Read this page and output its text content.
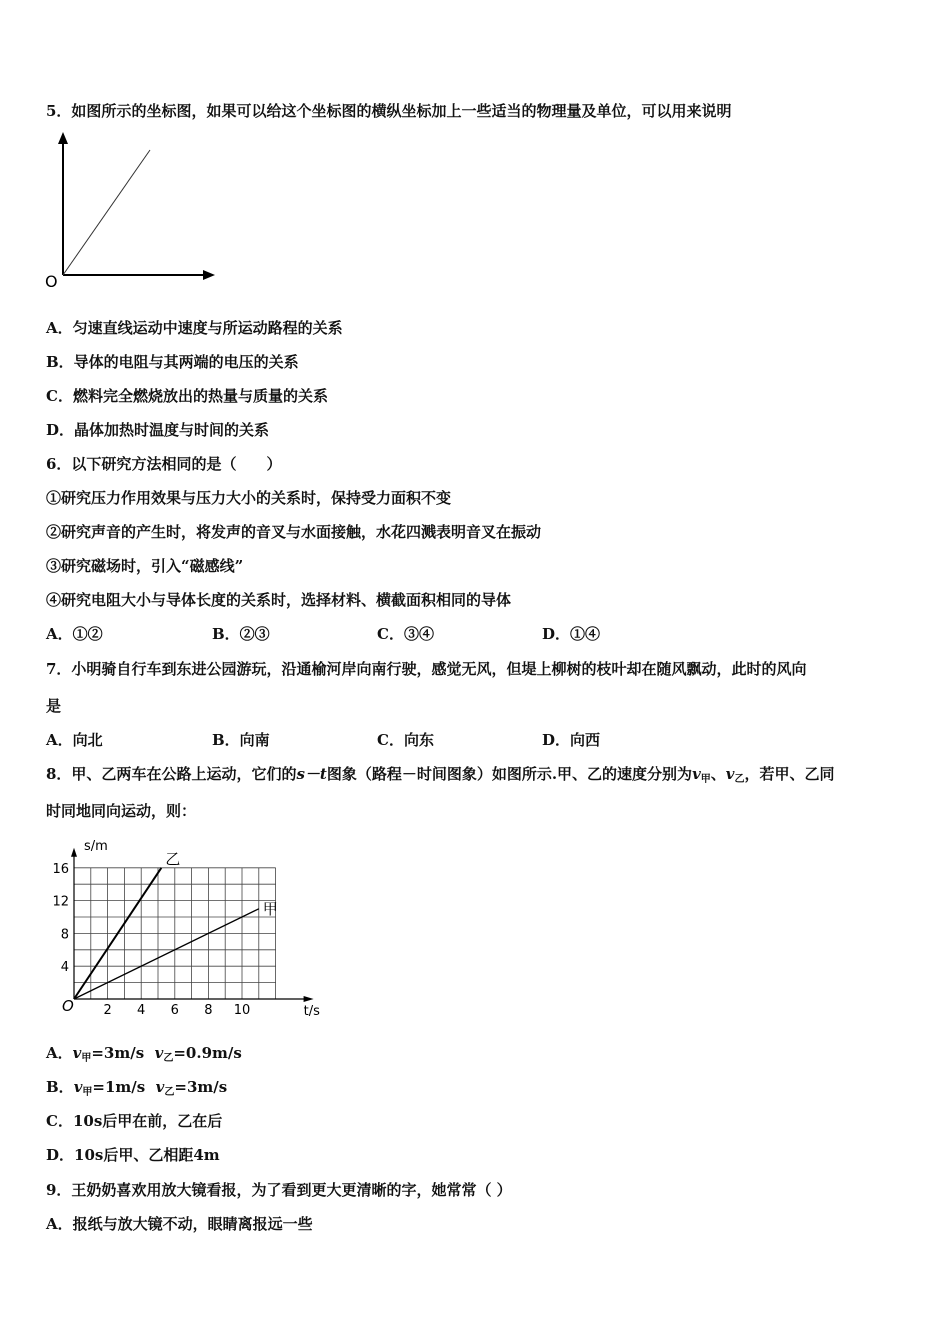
5．如图所示的坐标图，如果可以给这个坐标图的横纵坐标加上一些适当的物理量及单位，可以用来说明
O
A．匀速直线运动中速度与所运动路程的关系
B．导体的电阻与其两端的电压的关系
C．燃料完全燃烧放出的热量与质量的关系
D．晶体加热时温度与时间的关系
6．以下研究方法相同的是（　　）
①研究压力作用效果与压力大小的关系时，保持受力面积不变
②研究声音的产生时，将发声的音叉与水面接触，水花四溅表明音叉在振动
③研究磁场时，引入“磁感线”
④研究电阻大小与导体长度的关系时，选择材料、横截面积相同的导体
A．①②	B．②③	C．③④	D．①④
7．小明骑自行车到东进公园游玩，沿通榆河岸向南行驶，感觉无风，但堤上柳树的枝叶却在随风飘动，此时的风向
是
A．向北	B．向南	C．向东	D．向西
8．甲、乙两车在公路上运动，它们的s－t图象（路程－时间图象）如图所示.甲、乙的速度分别为$v_甲$、$v_乙$，若甲、乙同
时同地同向运动，则：
2 4 6 8 10
4
8
12
16
s/m
t/s
O
乙
甲
A．$v_甲=3m/s$ $v_乙=0.9m/s$
B．$v_甲=1m/s$ $v_乙=3m/s$
C．10s后甲在前，乙在后
D．10s后甲、乙相距4m
9．王奶奶喜欢用放大镜看报，为了看到更大更清晰的字，她常常（ ）
A．报纸与放大镜不动，眼睛离报远一些
